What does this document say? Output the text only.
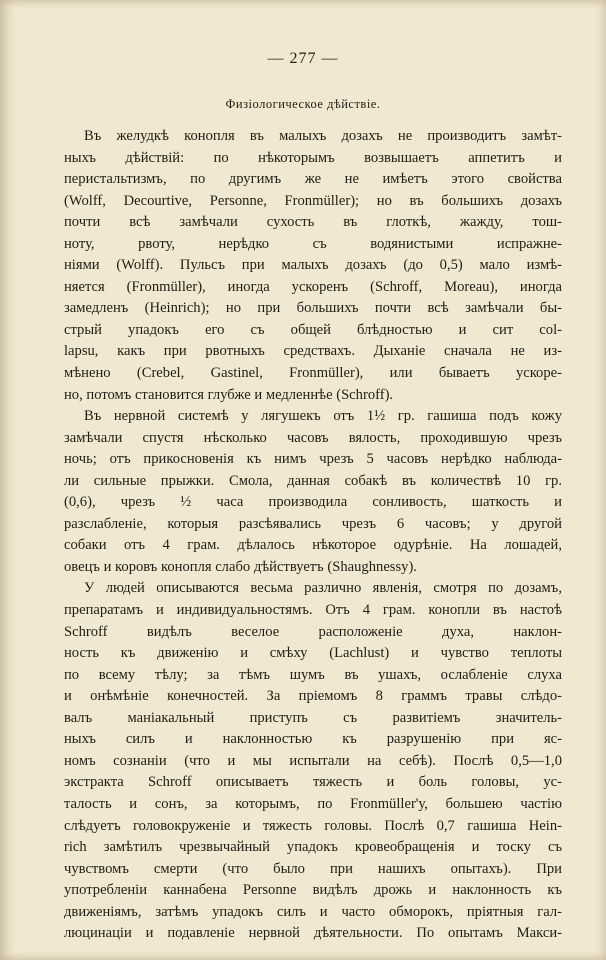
— 277 —
Физiологическое дѣйствiе.
Въ желудкѣ конопля въ малыхъ дозахъ не производитъ замѣт-
ныхъ дѣйствiй: по нѣкоторымъ возвышаетъ аппетитъ и
перистальтизмъ, по другимъ же не имѣетъ этого свойства
(Wolff, Decourtive, Personne, Fronmüller); но въ большихъ дозахъ
почти всѣ замѣчали сухость въ глоткѣ, жажду, тош-
ноту, рвоту, нерѣдко съ водянистыми испражне-
нiями (Wolff). Пульсъ при малыхъ дозахъ (до 0,5) мало измѣ-
няется (Fronmüller), иногда ускоренъ (Schroff, Moreau), иногда
замедленъ (Heinrich); но при большихъ почти всѣ замѣчали бы-
стрый упадокъ его съ общей блѣдностью и сит col-
lapsu, какъ при рвотныхъ средствахъ. Дыханiе сначала не из-
мѣнено (Crebel, Gastinel, Fronmüller), или бываетъ ускоре-
но, потомъ становится глубже и медленнѣе (Schroff).
Въ нервной системѣ у лягушекъ отъ 1½ гр. гашиша подъ кожу
замѣчали спустя нѣсколько часовъ вялость, проходившую чрезъ
ночь; отъ прикосновенiя къ нимъ чрезъ 5 часовъ нерѣдко наблюда-
ли сильные прыжки. Смола, данная собакѣ въ количествѣ 10 гр.
(0,6), чрезъ ½ часа производила сонливость, шаткость и
разслабленiе, которыя разсѣявались чрезъ 6 часовъ; у другой
собаки отъ 4 грам. дѣлалось нѣкоторое одурѣнiе. На лошадей,
овецъ и коровъ конопля слабо дѣйствуетъ (Shaughnessy).
У людей описываются весьма различно явленiя, смотря по дозамъ,
препаратамъ и индивидуальностямъ. Отъ 4 грам. конопли въ настоѣ
Schroff видѣлъ веселое расположенiе духа, наклон-
ность къ движенiю и смѣху (Lachlust) и чувство теплоты
по всему тѣлу; за тѣмъ шумъ въ ушахъ, ослабленiе слуха
и онѣмѣнiе конечностей. За прiемомъ 8 граммъ травы слѣдо-
валъ манiакальный приступъ съ развитiемъ значитель-
ныхъ силъ и наклонностью къ разрушенiю при яс-
номъ сознанiи (что и мы испытали на себѣ). Послѣ 0,5—1,0
экстракта Schroff описываетъ тяжесть и боль головы, ус-
талость и сонъ, за которымъ, по Fronmüller'у, большею частiю
слѣдуетъ головокруженiе и тяжесть головы. Послѣ 0,7 гашиша Hein-
rich замѣтилъ чрезвычайный упадокъ кровеобращенiя и тоску съ
чувствомъ смерти (что было при нашихъ опытахъ). При
употребленiи каннабена Personne видѣлъ дрожь и наклонность къ
движенiямъ, затѣмъ упадокъ силъ и часто обморокъ, прiятныя гал-
люцинацiи и подавленiе нервной дѣятельности. По опытамъ Макси-
